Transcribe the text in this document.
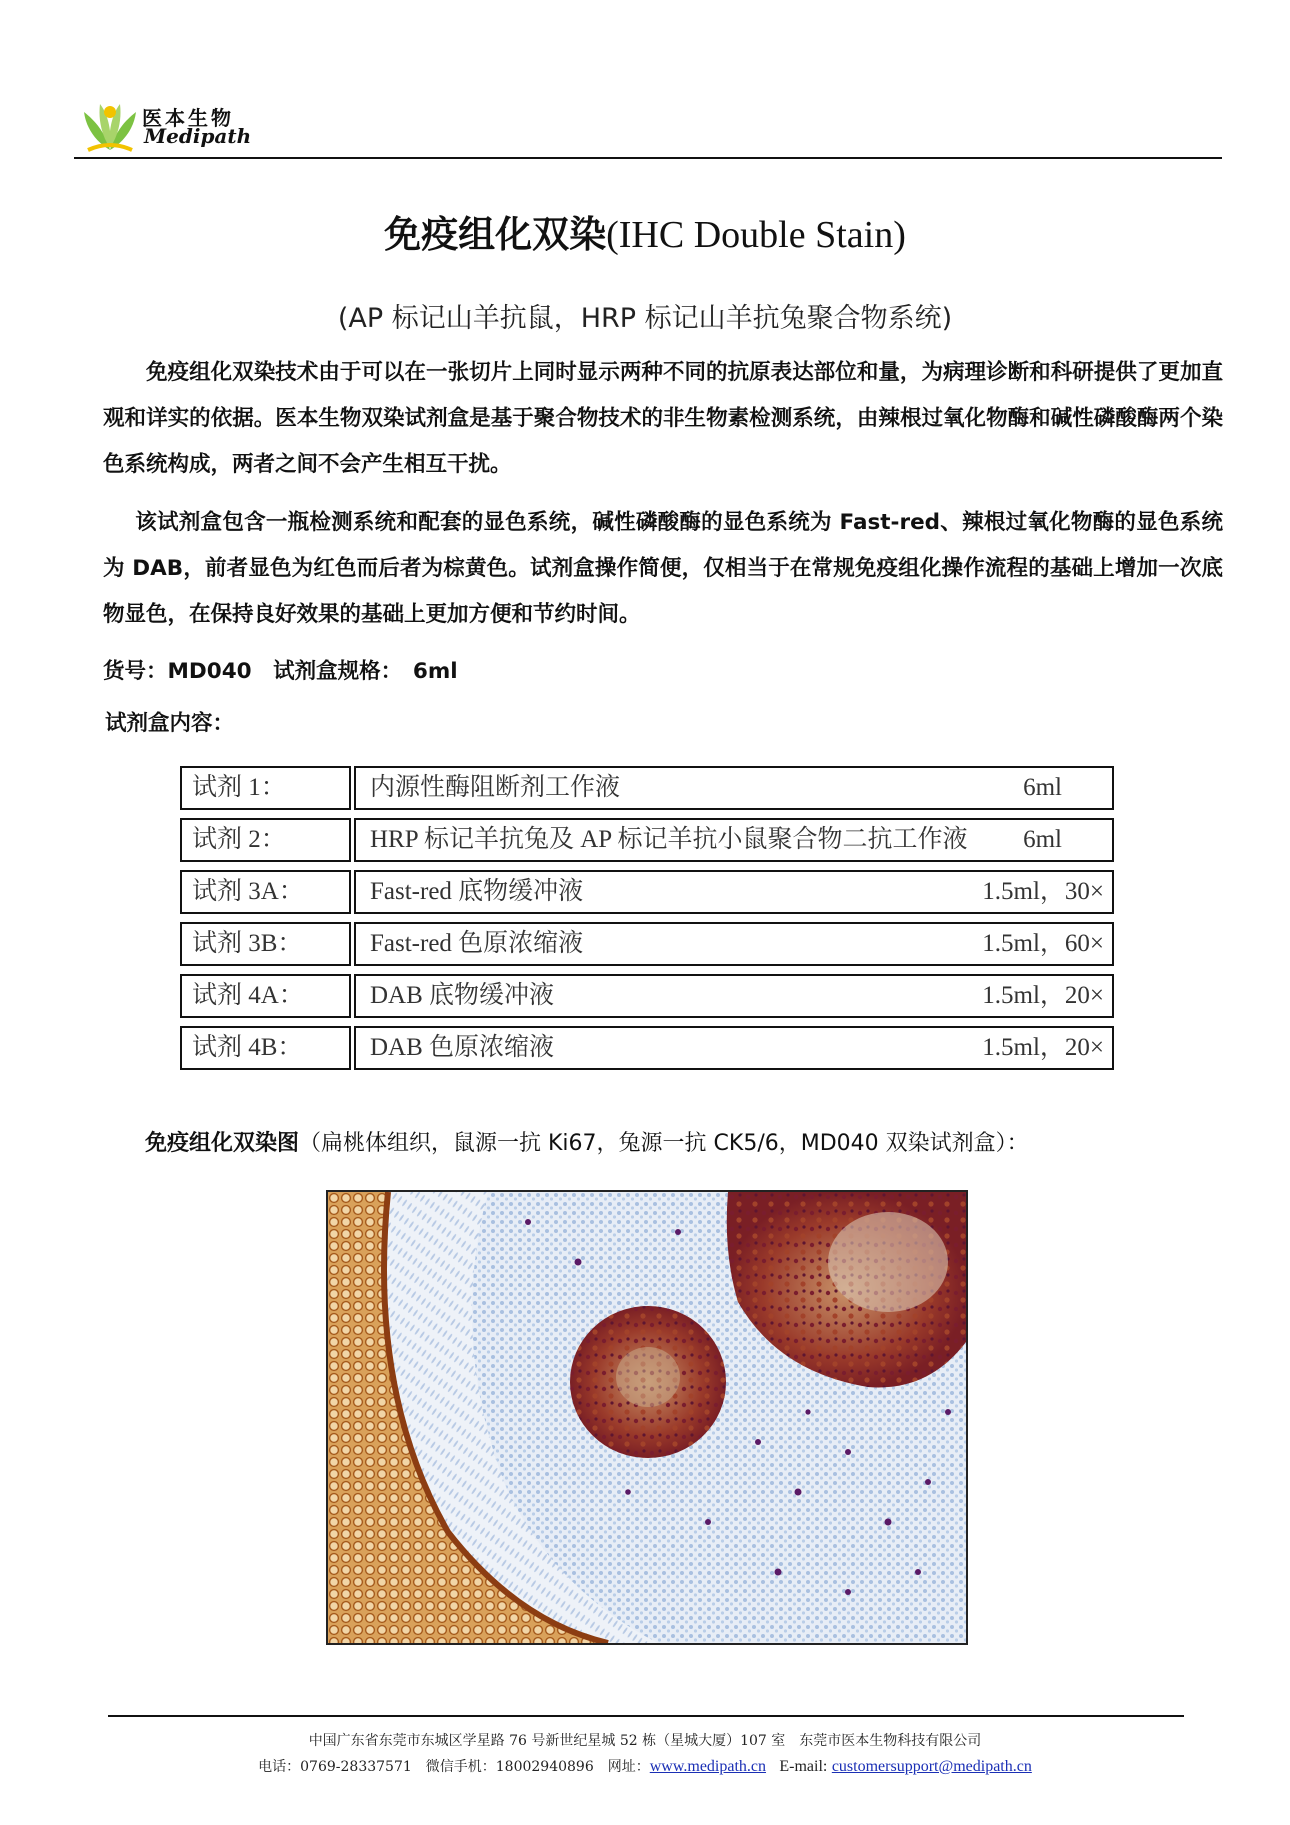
医本生物
Medipath
免疫组化双染(IHC Double Stain)
(AP 标记山羊抗鼠，HRP 标记山羊抗兔聚合物系统)

免疫组化双染技术由于可以在一张切片上同时显示两种不同的抗原表达部位和量，为病理诊断和科研提供了更加直观和详实的依据。医本生物双染试剂盒是基于聚合物技术的非生物素检测系统，由辣根过氧化物酶和碱性磷酸酶两个染色系统构成，两者之间不会产生相互干扰。

该试剂盒包含一瓶检测系统和配套的显色系统，碱性磷酸酶的显色系统为 Fast-red、辣根过氧化物酶的显色系统为 DAB，前者显色为红色而后者为棕黄色。试剂盒操作简便，仅相当于在常规免疫组化操作流程的基础上增加一次底物显色，在保持良好效果的基础上更加方便和节约时间。

货号：MD040　试剂盒规格：　6ml
试剂盒内容：
试剂 1：	内源性酶阻断剂工作液	6ml
试剂 2：	HRP 标记羊抗兔及 AP 标记羊抗小鼠聚合物二抗工作液 6ml
试剂 3A：	Fast-red 底物缓冲液	1.5ml，30×
试剂 3B：	Fast-red 色原浓缩液	1.5ml，60×
试剂 4A：	DAB 底物缓冲液	1.5ml，20×
试剂 4B：	DAB 色原浓缩液	1.5ml，20×
免疫组化双染图（扁桃体组织，鼠源一抗 Ki67，兔源一抗 CK5/6，MD040 双染试剂盒）：
中国广东省东莞市东城区学星路 76 号新世纪星城 52 栋（星城大厦）107 室　东莞市医本生物科技有限公司
电话：0769-28337571　微信手机：18002940896　网址：www.medipath.cn E-mail: customersupport@medipath.cn
